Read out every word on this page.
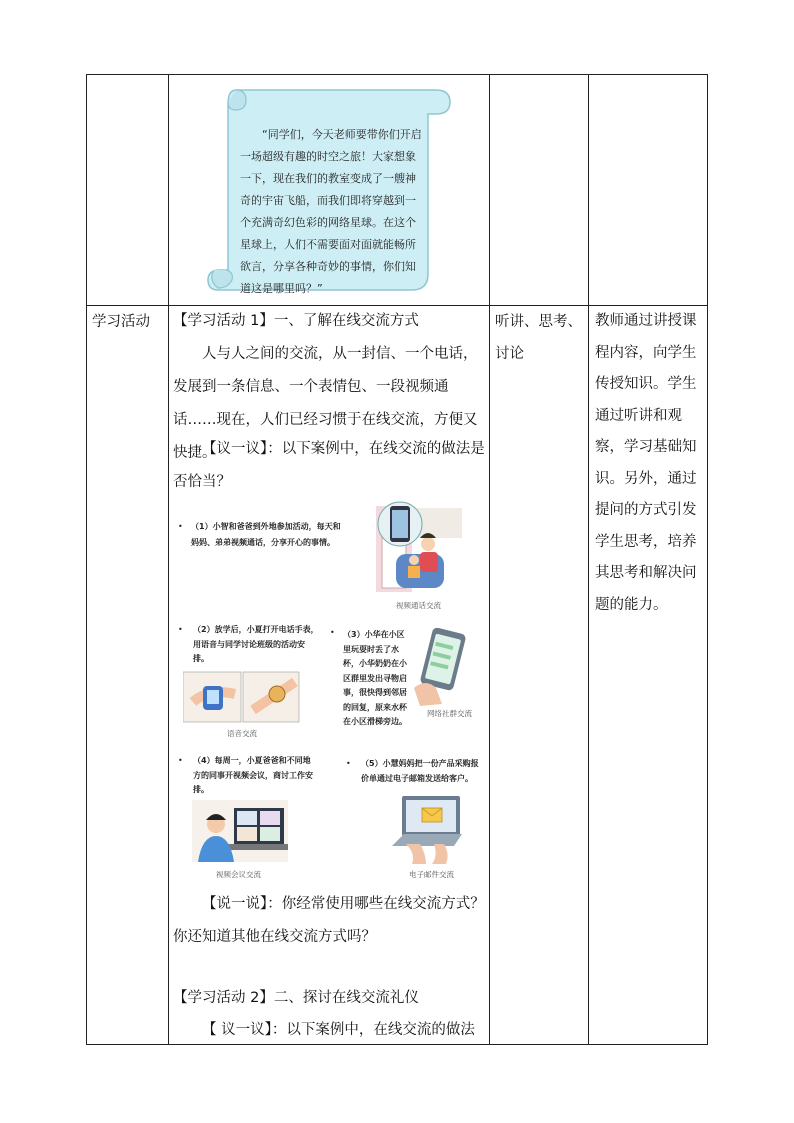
“同学们，今天老师要带你们开启一场超级有趣的时空之旅！大家想象一下，现在我们的教室变成了一艘神奇的宇宙飞船，而我们即将穿越到一个充满奇幻色彩的网络星球。在这个星球上，人们不需要面对面就能畅所欲言，分享各种奇妙的事情，你们知道这是哪里吗？”
学习活动	听讲、思考、讨论
教师通过讲授课程内容，向学生传授知识。学生通过听讲和观察，学习基础知识。另外，通过提问的方式引发学生思考，培养其思考和解决问题的能力。
【学习活动 1】一、了解在线交流方式
人与人之间的交流，从一封信、一个电话，发展到一条信息、一个表情包、一段视频通话……现在，人们已经习惯于在线交流，方便又快捷。
【议一议】：以下案例中，在线交流的做法是否恰当？
• （1）小智和爸爸到外地参加活动，每天和妈妈、弟弟视频通话，分享开心的事情。
视频通话交流
• （2）放学后，小夏打开电话手表，用语音与同学讨论班级的活动安排。
语音交流
• （3）小华在小区里玩耍时丢了水杯，小华奶奶在小区群里发出寻物启事，很快得到邻居的回复，原来水杯在小区滑梯旁边。
网络社群交流
• （4）每周一，小夏爸爸和不同地方的同事开视频会议，商讨工作安排。
视频会议交流
• （5）小慧妈妈把一份产品采购报价单通过电子邮箱发送给客户。
电子邮件交流
【说一说】：你经常使用哪些在线交流方式？你还知道其他在线交流方式吗？
【学习活动 2】二、探讨在线交流礼仪
【 议一议】：以下案例中，在线交流的做法
